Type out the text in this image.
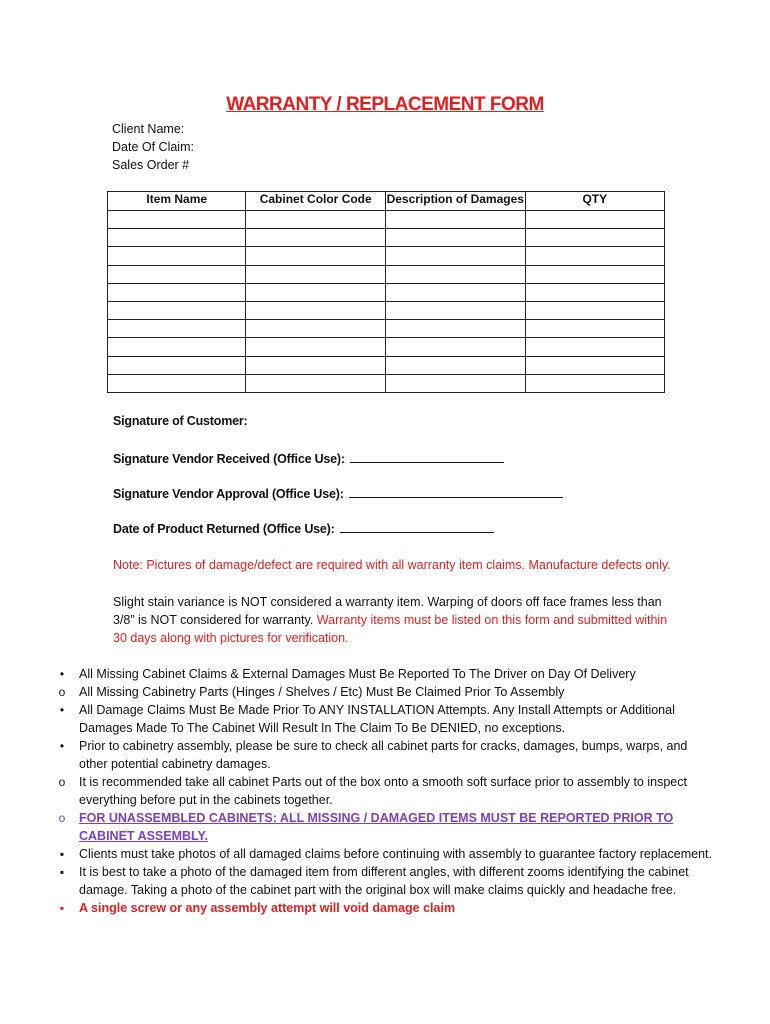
WARRANTY / REPLACEMENT FORM
Client Name:
Date Of Claim:
Sales Order #
Item Name	Cabinet Color Code	Description of Damages	QTY

Signature of Customer:
Signature Vendor Received (Office Use):
Signature Vendor Approval (Office Use):
Date of Product Returned (Office Use):
Note: Pictures of damage/defect are required with all warranty item claims. Manufacture defects only.
Slight stain variance is NOT considered a warranty item. Warping of doors off face frames less than 3/8” is NOT considered for warranty. Warranty items must be listed on this form and submitted within 30 days along with pictures for verification.
•	All Missing Cabinet Claims & External Damages Must Be Reported To The Driver on Day Of Delivery
o	All Missing Cabinetry Parts (Hinges / Shelves / Etc) Must Be Claimed Prior To Assembly
•	All Damage Claims Must Be Made Prior To ANY INSTALLATION Attempts. Any Install Attempts or Additional Damages Made To The Cabinet Will Result In The Claim To Be DENIED, no exceptions.
•	Prior to cabinetry assembly, please be sure to check all cabinet parts for cracks, damages, bumps, warps, and other potential cabinetry damages.
o	It is recommended take all cabinet Parts out of the box onto a smooth soft surface prior to assembly to inspect everything before put in the cabinets together.
o	FOR UNASSEMBLED CABINETS: ALL MISSING / DAMAGED ITEMS MUST BE REPORTED PRIOR TO CABINET ASSEMBLY.
▪	Clients must take photos of all damaged claims before continuing with assembly to guarantee factory replacement.
▪	It is best to take a photo of the damaged item from different angles, with different zooms identifying the cabinet damage. Taking a photo of the cabinet part with the original box will make claims quickly and headache free.
▪	A single screw or any assembly attempt will void damage claim
